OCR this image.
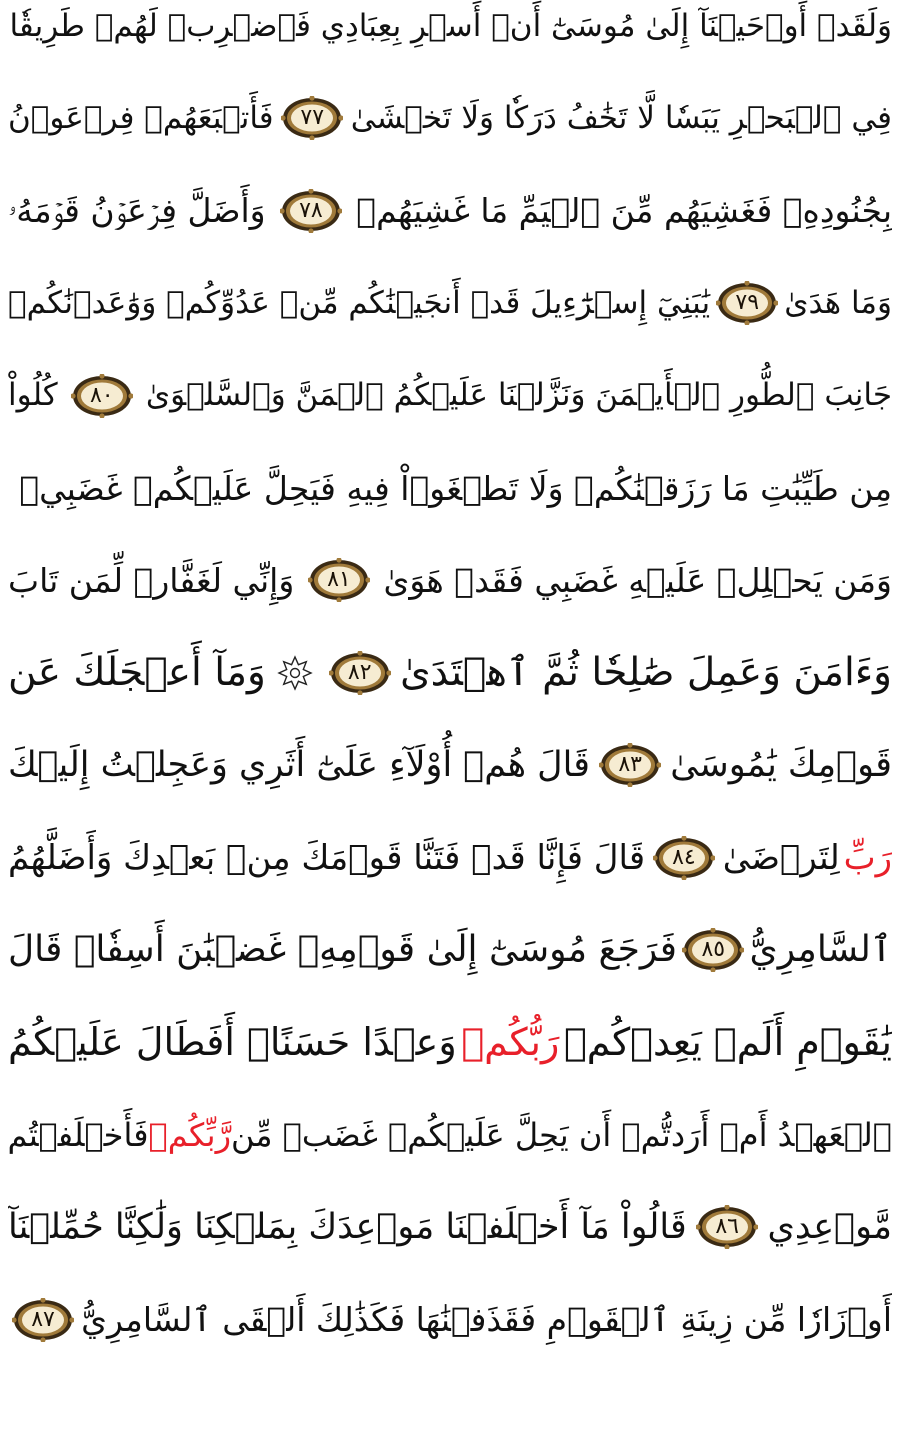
وَلَقَدۡ أَوۡحَيۡنَآ إِلَىٰ مُوسَىٰٓ أَنۡ أَسۡرِ بِعِبَادِي فَٱضۡرِبۡ لَهُمۡ طَرِيقٗا
فِي ٱلۡبَحۡرِ يَبَسٗا لَّا تَخَٰفُ دَرَكٗا وَلَا تَخۡشَىٰ
٧٧
فَأَتۡبَعَهُمۡ فِرۡعَوۡنُ
بِجُنُودِهِۦ فَغَشِيَهُم مِّنَ ٱلۡيَمِّ مَا غَشِيَهُمۡ
٧٨
وَأَضَلَّ فِرۡعَوۡنُ قَوۡمَهُۥ
وَمَا هَدَىٰ
٧٩
يَٰبَنِيٓ إِسۡرَٰٓءِيلَ قَدۡ أَنجَيۡنَٰكُم مِّنۡ عَدُوِّكُمۡ وَوَٰعَدۡنَٰكُمۡ
جَانِبَ ٱلطُّورِ ٱلۡأَيۡمَنَ وَنَزَّلۡنَا عَلَيۡكُمُ ٱلۡمَنَّ وَٱلسَّلۡوَىٰ
٨٠
كُلُواْ
مِن طَيِّبَٰتِ مَا رَزَقۡنَٰكُمۡ وَلَا تَطۡغَوۡاْ فِيهِ فَيَحِلَّ عَلَيۡكُمۡ غَضَبِيۖ
وَمَن يَحۡلِلۡ عَلَيۡهِ غَضَبِي فَقَدۡ هَوَىٰ
٨١
وَإِنِّي لَغَفَّارٞ لِّمَن تَابَ
وَءَامَنَ وَعَمِلَ صَٰلِحٗا ثُمَّ ٱهۡتَدَىٰ
٨٢
وَمَآ أَعۡجَلَكَ عَن
قَوۡمِكَ يَٰمُوسَىٰ
٨٣
قَالَ هُمۡ أُوْلَآءِ عَلَىٰٓ أَثَرِي وَعَجِلۡتُ إِلَيۡكَ
رَبِّ
لِتَرۡضَىٰ
٨٤
قَالَ فَإِنَّا قَدۡ فَتَنَّا قَوۡمَكَ مِنۢ بَعۡدِكَ وَأَضَلَّهُمُ
ٱلسَّامِرِيُّ
٨٥
فَرَجَعَ مُوسَىٰٓ إِلَىٰ قَوۡمِهِۦ غَضۡبَٰنَ أَسِفٗاۚ قَالَ
يَٰقَوۡمِ أَلَمۡ يَعِدۡكُمۡ
رَبُّكُمۡ
وَعۡدًا حَسَنًاۚ أَفَطَالَ عَلَيۡكُمُ
ٱلۡعَهۡدُ أَمۡ أَرَدتُّمۡ أَن يَحِلَّ عَلَيۡكُمۡ غَضَبٞ مِّن
رَّبِّكُمۡ
فَأَخۡلَفۡتُم
مَّوۡعِدِي
٨٦
قَالُواْ مَآ أَخۡلَفۡنَا مَوۡعِدَكَ بِمَلۡكِنَا وَلَٰكِنَّا حُمِّلۡنَآ
أَوۡزَارٗا مِّن زِينَةِ ٱلۡقَوۡمِ فَقَذَفۡنَٰهَا فَكَذَٰلِكَ أَلۡقَى ٱلسَّامِرِيُّ
٨٧
